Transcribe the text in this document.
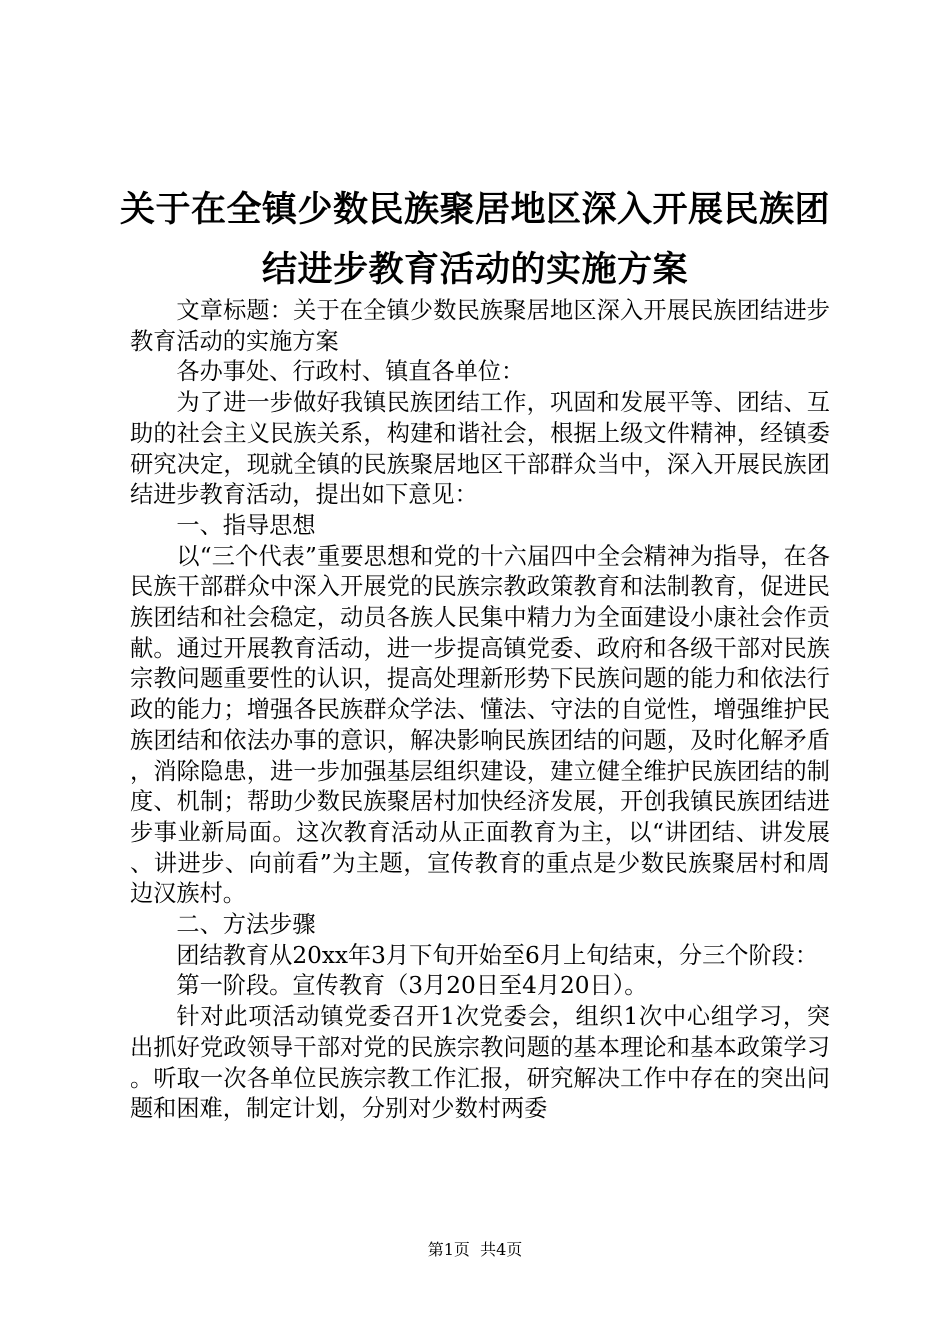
关于在全镇少数民族聚居地区深入开展民族团
结进步教育活动的实施方案

文章标题：关于在全镇少数民族聚居地区深入开展民族团结进步教育活动的实施方案

各办事处、行政村、镇直各单位：

为了进一步做好我镇民族团结工作，巩固和发展平等、团结、互助的社会主义民族关系，构建和谐社会，根据上级文件精神，经镇委研究决定，现就全镇的民族聚居地区干部群众当中，深入开展民族团结进步教育活动，提出如下意见：

一、指导思想

以“三个代表”重要思想和党的十六届四中全会精神为指导，在各民族干部群众中深入开展党的民族宗教政策教育和法制教育，促进民族团结和社会稳定，动员各族人民集中精力为全面建设小康社会作贡献。通过开展教育活动，进一步提高镇党委、政府和各级干部对民族宗教问题重要性的认识，提高处理新形势下民族问题的能力和依法行政的能力；增强各民族群众学法、懂法、守法的自觉性，增强维护民族团结和依法办事的意识，解决影响民族团结的问题，及时化解矛盾，消除隐患，进一步加强基层组织建设，建立健全维护民族团结的制度、机制；帮助少数民族聚居村加快经济发展，开创我镇民族团结进步事业新局面。这次教育活动从正面教育为主，以“讲团结、讲发展、讲进步、向前看”为主题，宣传教育的重点是少数民族聚居村和周边汉族村。

二、方法步骤

团结教育从20xx年3月下旬开始至6月上旬结束，分三个阶段：

第一阶段。宣传教育（3月20日至4月20日）。

针对此项活动镇党委召开1次党委会，组织1次中心组学习，突出抓好党政领导干部对党的民族宗教问题的基本理论和基本政策学习。听取一次各单位民族宗教工作汇报，研究解决工作中存在的突出问题和困难，制定计划，分别对少数村两委

第1页 共4页
